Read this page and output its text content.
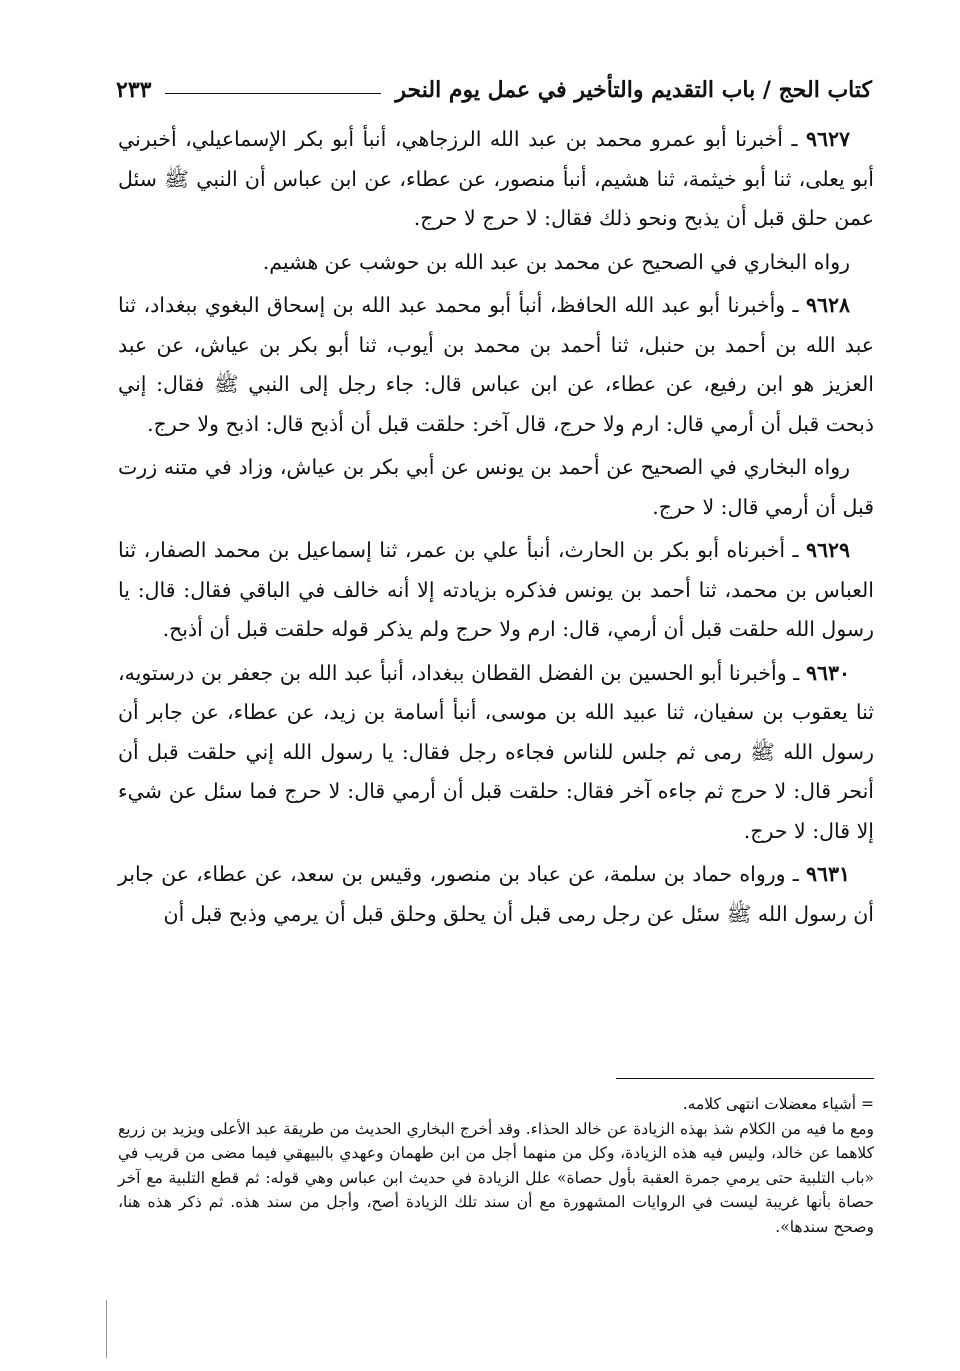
كتاب الحج / باب التقديم والتأخير في عمل يوم النحر
٢٣٣

٩٦٢٧ ـ أخبرنا أبو عمرو محمد بن عبد الله الرزجاهي، أنبأ أبو بكر الإسماعيلي، أخبرني أبو يعلى، ثنا أبو خيثمة، ثنا هشيم، أنبأ منصور، عن عطاء، عن ابن عباس أن النبي ﷺ سئل عمن حلق قبل أن يذبح ونحو ذلك فقال: لا حرج لا حرج.

رواه البخاري في الصحيح عن محمد بن عبد الله بن حوشب عن هشيم.

٩٦٢٨ ـ وأخبرنا أبو عبد الله الحافظ، أنبأ أبو محمد عبد الله بن إسحاق البغوي ببغداد، ثنا عبد الله بن أحمد بن حنبل، ثنا أحمد بن محمد بن أيوب، ثنا أبو بكر بن عياش، عن عبد العزيز هو ابن رفيع، عن عطاء، عن ابن عباس قال: جاء رجل إلى النبي ﷺ فقال: إني ذبحت قبل أن أرمي قال: ارم ولا حرج، قال آخر: حلقت قبل أن أذبح قال: اذبح ولا حرج.

رواه البخاري في الصحيح عن أحمد بن يونس عن أبي بكر بن عياش، وزاد في متنه زرت قبل أن أرمي قال: لا حرج.

٩٦٢٩ ـ أخبرناه أبو بكر بن الحارث، أنبأ علي بن عمر، ثنا إسماعيل بن محمد الصفار، ثنا العباس بن محمد، ثنا أحمد بن يونس فذكره بزيادته إلا أنه خالف في الباقي فقال: قال: يا رسول الله حلقت قبل أن أرمي، قال: ارم ولا حرج ولم يذكر قوله حلقت قبل أن أذبح.

٩٦٣٠ ـ وأخبرنا أبو الحسين بن الفضل القطان ببغداد، أنبأ عبد الله بن جعفر بن درستويه، ثنا يعقوب بن سفيان، ثنا عبيد الله بن موسى، أنبأ أسامة بن زيد، عن عطاء، عن جابر أن رسول الله ﷺ رمى ثم جلس للناس فجاءه رجل فقال: يا رسول الله إني حلقت قبل أن أنحر قال: لا حرج ثم جاءه آخر فقال: حلقت قبل أن أرمي قال: لا حرج فما سئل عن شيء إلا قال: لا حرج.

٩٦٣١ ـ ورواه حماد بن سلمة، عن عباد بن منصور، وقيس بن سعد، عن عطاء، عن جابر أن رسول الله ﷺ سئل عن رجل رمى قبل أن يحلق وحلق قبل أن يرمي وذبح قبل أن

= أشياء معضلات انتهى كلامه.

ومع ما فيه من الكلام شذ بهذه الزيادة عن خالد الحذاء. وقد أخرج البخاري الحديث من طريقة عبد الأعلى ويزيد بن زريع كلاهما عن خالد، وليس فيه هذه الزيادة، وكل من منهما أجل من ابن طهمان وعهدي بالبيهقي فيما مضى من قريب في «باب التلبية حتى يرمي جمرة العقبة بأول حصاة» علل الزيادة في حديث ابن عباس وهي قوله: ثم قطع التلبية مع آخر حصاة بأنها غريبة ليست في الروايات المشهورة مع أن سند تلك الزيادة أصح، وأجل من سند هذه. ثم ذكر هذه هنا، وصحح سندها».
